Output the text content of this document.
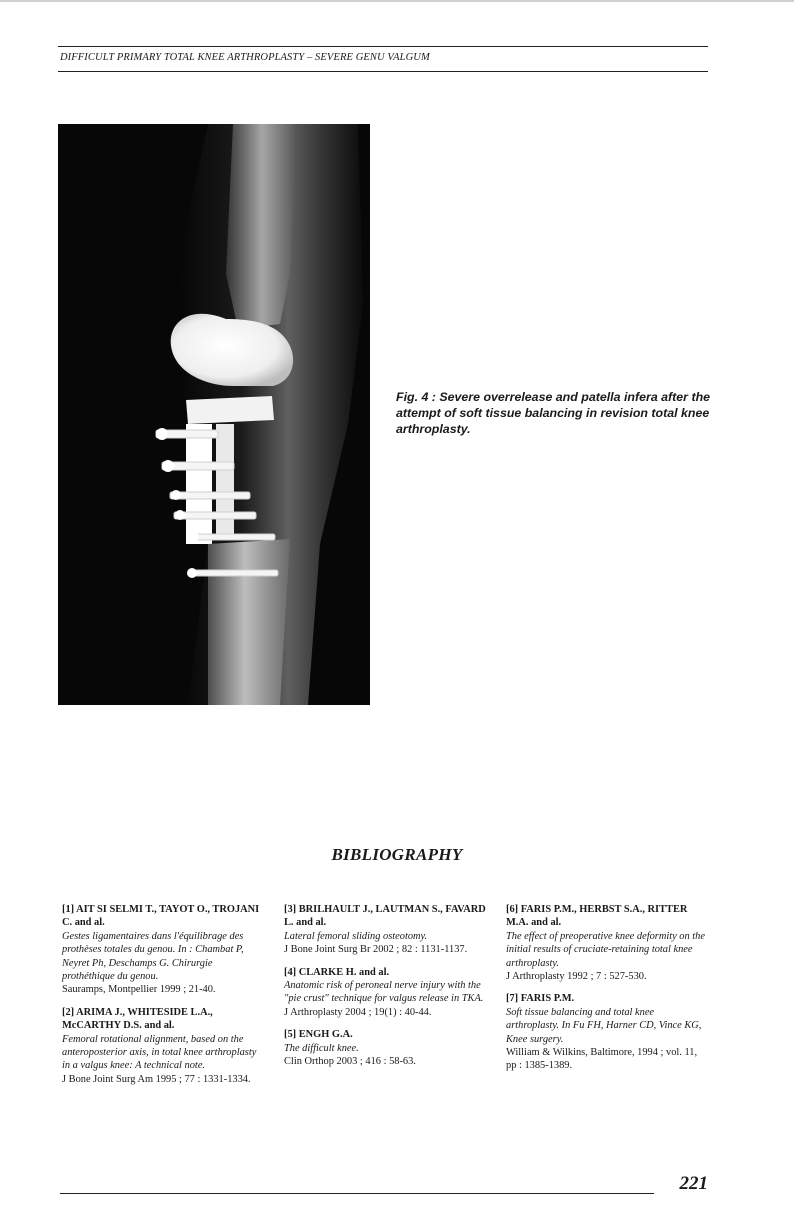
DIFFICULT PRIMARY TOTAL KNEE ARTHROPLASTY – SEVERE GENU VALGUM
Fig. 4 : Severe overrelease and patella infera after the attempt of soft tissue balancing in revision total knee arthroplasty.
BIBLIOGRAPHY
[1] AIT SI SELMI T., TAYOT O., TROJANI C. and al.
Gestes ligamentaires dans l'équilibrage des prothèses totales du genou. In : Chambat P, Neyret Ph, Deschamps G. Chirurgie prothéthique du genou.
Sauramps, Montpellier 1999 ; 21-40.
[2] ARIMA J., WHITESIDE L.A., McCARTHY D.S. and al.
Femoral rotational alignment, based on the anteroposterior axis, in total knee arthroplasty in a valgus knee: A technical note.
J Bone Joint Surg Am 1995 ; 77 : 1331-1334.
[3] BRILHAULT J., LAUTMAN S., FAVARD L. and al.
Lateral femoral sliding osteotomy.
J Bone Joint Surg Br 2002 ; 82 : 1131-1137.
[4] CLARKE H. and al.
Anatomic risk of peroneal nerve injury with the "pie crust" technique for valgus release in TKA.
J Arthroplasty 2004 ; 19(1) : 40-44.
[5] ENGH G.A.
The difficult knee.
Clin Orthop 2003 ; 416 : 58-63.
[6] FARIS P.M., HERBST S.A., RITTER M.A. and al.
The effect of preoperative knee deformity on the initial results of cruciate-retaining total knee arthroplasty.
J Arthroplasty 1992 ; 7 : 527-530.
[7] FARIS P.M.
Soft tissue balancing and total knee arthroplasty. In Fu FH, Harner CD, Vince KG, Knee surgery.
William & Wilkins, Baltimore, 1994 ; vol. 11, pp : 1385-1389.
221
